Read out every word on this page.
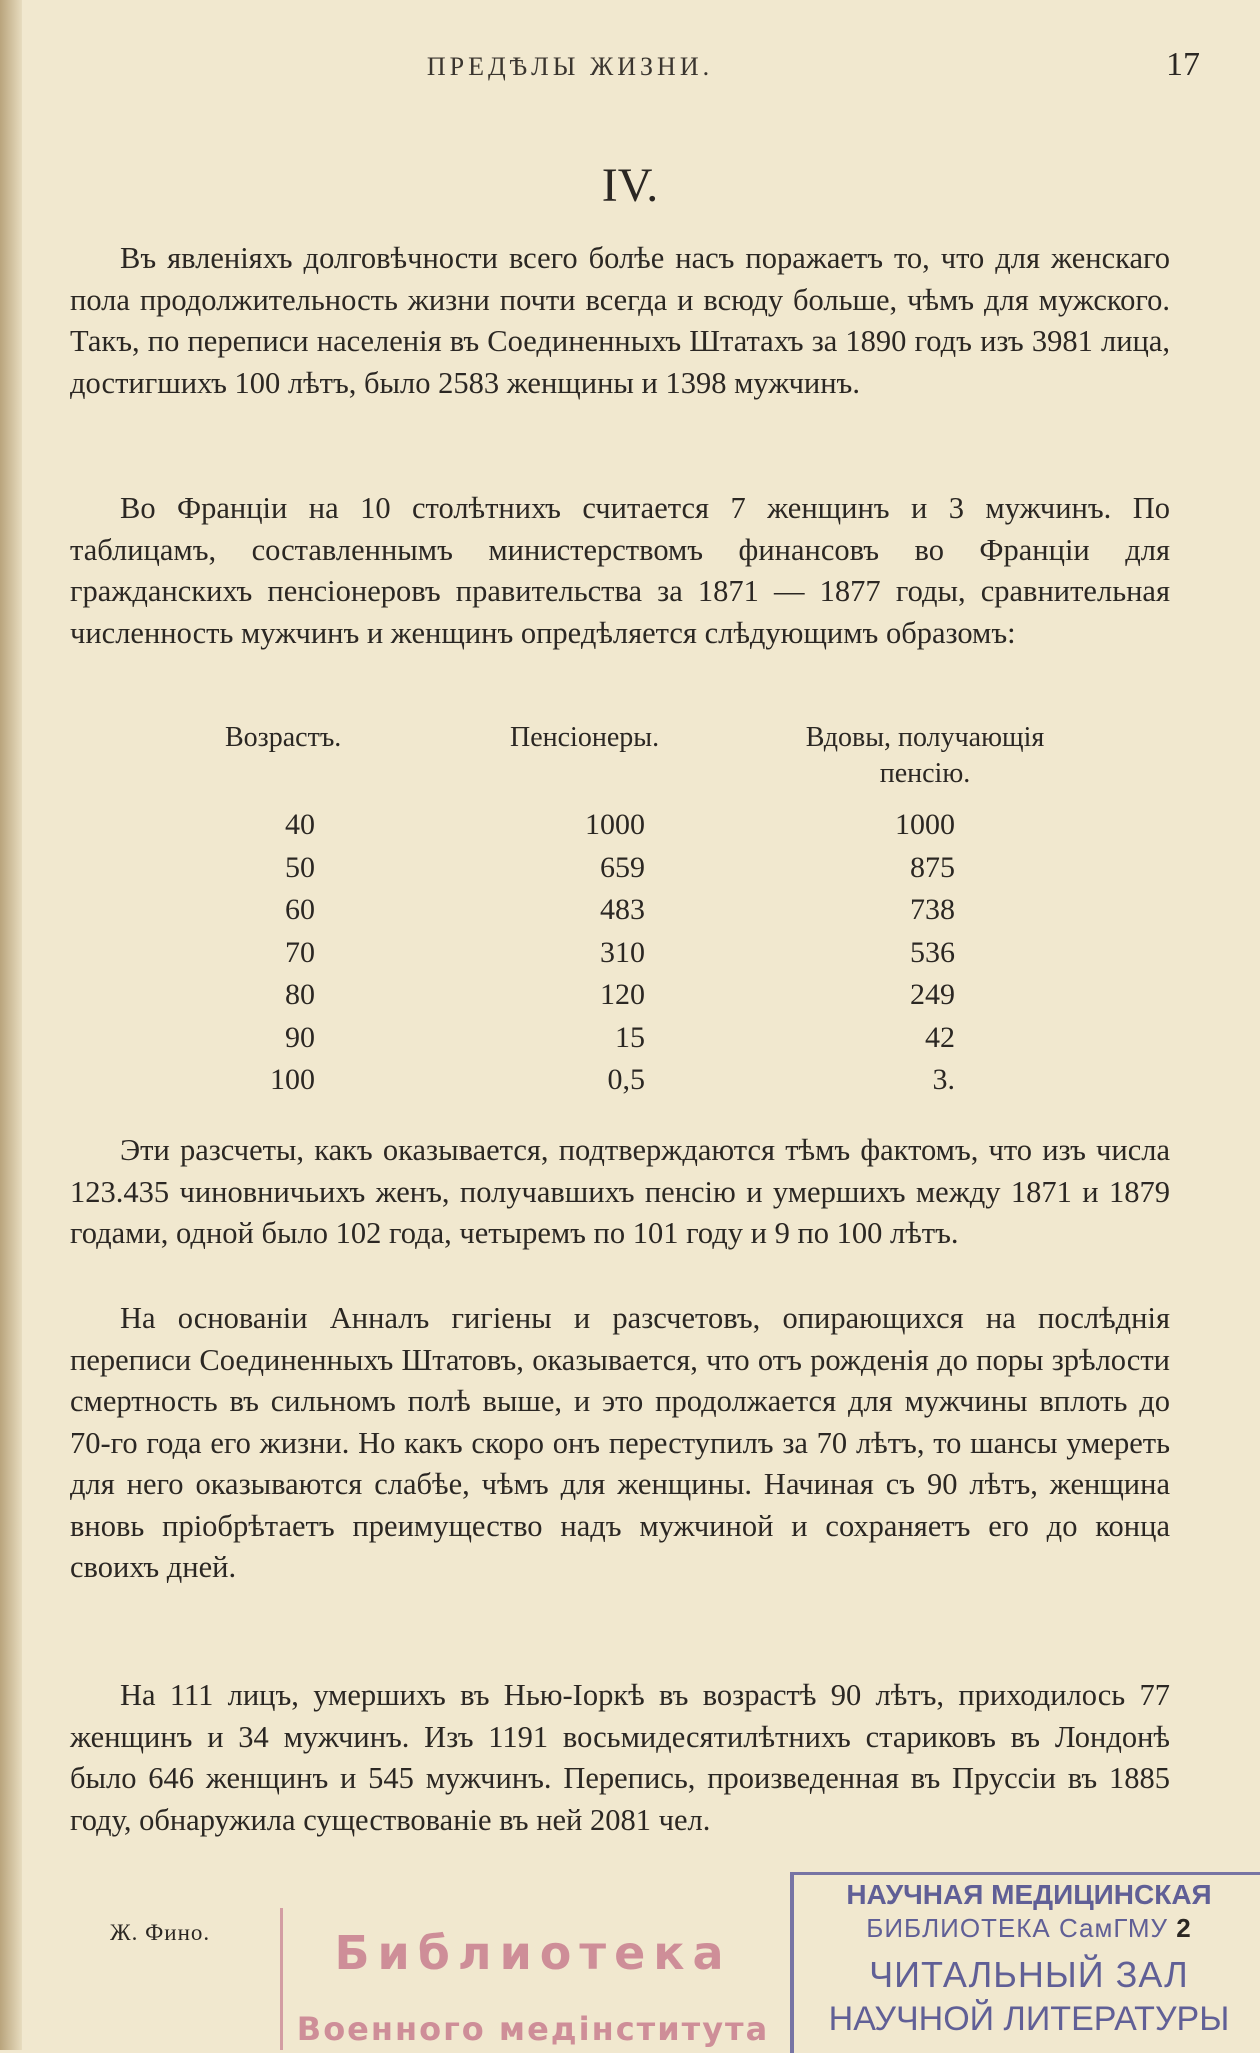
ПРЕДѢЛЫ ЖИЗНИ.	17
IV.

Въ явленіяхъ долговѣчности всего болѣе насъ поражаетъ то, что для женскаго пола продолжительность жизни почти всегда и всюду больше, чѣмъ для мужского. Такъ, по переписи населенія въ Соединенныхъ Штатахъ за 1890 годъ изъ 3981 лица, достигшихъ 100 лѣтъ, было 2583 женщины и 1398 мужчинъ.

Во Франціи на 10 столѣтнихъ считается 7 женщинъ и 3 мужчинъ. По таблицамъ, составленнымъ министерствомъ финансовъ во Франціи для гражданскихъ пенсіонеровъ правительства за 1871 — 1877 годы, сравнительная численность мужчинъ и женщинъ опредѣляется слѣдующимъ образомъ:

Возрастъ.	Пенсіонеры.	Вдовы, получающія пенсію.
40	1000	1000
50	659	875
60	483	738
70	310	536
80	120	249
90	15	42
100	0,5	3.

Эти разсчеты, какъ оказывается, подтверждаются тѣмъ фактомъ, что изъ числа 123.435 чиновничьихъ женъ, получавшихъ пенсію и умершихъ между 1871 и 1879 годами, одной было 102 года, четыремъ по 101 году и 9 по 100 лѣтъ.

На основаніи Анналъ гигіены и разсчетовъ, опирающихся на послѣднія переписи Соединенныхъ Штатовъ, оказывается, что отъ рожденія до поры зрѣлости смертность въ сильномъ полѣ выше, и это продолжается для мужчины вплоть до 70-го года его жизни. Но какъ скоро онъ переступилъ за 70 лѣтъ, то шансы умереть для него оказываются слабѣе, чѣмъ для женщины. Начиная съ 90 лѣтъ, женщина вновь пріобрѣтаетъ преимущество надъ мужчиной и сохраняетъ его до конца своихъ дней.

На 111 лицъ, умершихъ въ Нью-Іоркѣ въ возрастѣ 90 лѣтъ, приходилось 77 женщинъ и 34 мужчинъ. Изъ 1191 восьмидесятилѣтнихъ стариковъ въ Лондонѣ было 646 женщинъ и 545 мужчинъ. Перепись, произведенная въ Пруссіи въ 1885 году, обнаружила существованіе въ ней 2081 чел.

Ж. Фино.	Библиотека
Военного медінститута
НАУЧНАЯ МЕДИЦИНСКАЯ
БИБЛИОТЕКА СамГМУ 2
ЧИТАЛЬНЫЙ ЗАЛ
НАУЧНОЙ ЛИТЕРАТУРЫ
